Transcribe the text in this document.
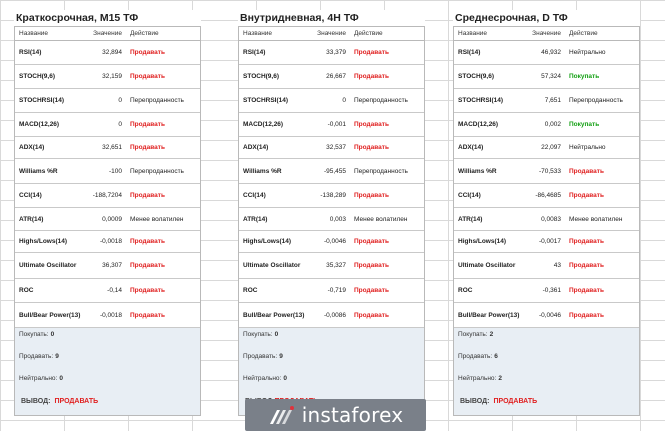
Краткосрочная, M15 ТФ
Название	Значение	Действие
RSI(14)	32,894	Продавать
STOCH(9,6)	32,159	Продавать
STOCHRSI(14)	0	Перепроданность
MACD(12,26)	0	Продавать
ADX(14)	32,651	Продавать
Williams %R	-100	Перепроданность
CCI(14)	-188,7204	Продавать
ATR(14)	0,0009	Менее волатилен
Highs/Lows(14)	-0,0018	Продавать
Ultimate Oscillator	36,307	Продавать
ROC	-0,14	Продавать
Bull/Bear Power(13)	-0,0018	Продавать
Покупать: 0
Продавать: 9
Нейтрально: 0
ВЫВОД: ПРОДАВАТЬ
Внутридневная, 4H ТФ
Название	Значение	Действие
RSI(14)	33,379	Продавать
STOCH(9,6)	26,667	Продавать
STOCHRSI(14)	0	Перепроданность
MACD(12,26)	-0,001	Продавать
ADX(14)	32,537	Продавать
Williams %R	-95,455	Перепроданность
CCI(14)	-138,289	Продавать
ATR(14)	0,003	Менее волатилен
Highs/Lows(14)	-0,0046	Продавать
Ultimate Oscillator	35,327	Продавать
ROC	-0,719	Продавать
Bull/Bear Power(13)	-0,0086	Продавать
Покупать: 0
Продавать: 9
Нейтрально: 0
Среднесрочная, D ТФ
Название	Значение	Действие
RSI(14)	46,932	Нейтрально
STOCH(9,6)	57,324	Покупать
STOCHRSI(14)	7,651	Перепроданность
MACD(12,26)	0,002	Покупать
ADX(14)	22,097	Нейтрально
Williams %R	-70,533	Продавать
CCI(14)	-86,4685	Продавать
ATR(14)	0,0083	Менее волатилен
Highs/Lows(14)	-0,0017	Продавать
Ultimate Oscillator	43	Продавать
ROC	-0,361	Продавать
Bull/Bear Power(13)	-0,0046	Продавать
Покупать: 2
Продавать: 6
Нейтрально: 2
ВЫВОД: ПРОДАВАТЬ
instaforex
